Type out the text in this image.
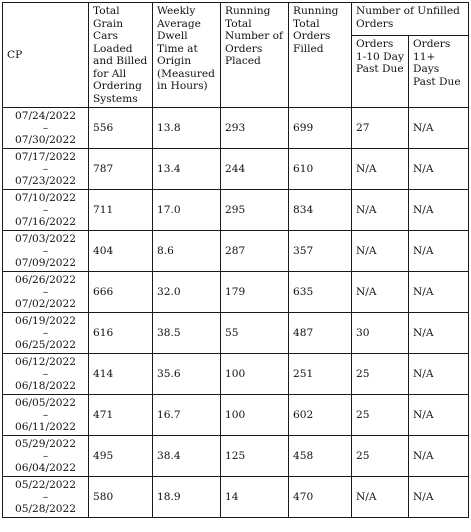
CP	Total Grain Cars Loaded and Billed for All Ordering Systems	Weekly Average Dwell Time at Origin (Measured in Hours)	Running Total Number of Orders Placed	Running Total Orders Filled	Number of Unfilled Orders	
					Orders 1-10 Day Past Due	Orders 11+ Days Past Due

07/24/2022
–
07/30/2022	556	13.8	293	699	27	N/A

07/17/2022
–
07/23/2022	787	13.4	244	610	N/A	N/A

07/10/2022
–
07/16/2022	711	17.0	295	834	N/A	N/A

07/03/2022
–
07/09/2022	404	8.6	287	357	N/A	N/A

06/26/2022
–
07/02/2022	666	32.0	179	635	N/A	N/A

06/19/2022
–
06/25/2022	616	38.5	55	487	30	N/A

06/12/2022
–
06/18/2022	414	35.6	100	251	25	N/A

06/05/2022
–
06/11/2022	471	16.7	100	602	25	N/A

05/29/2022
–
06/04/2022	495	38.4	125	458	25	N/A

05/22/2022
–
05/28/2022	580	18.9	14	470	N/A	N/A
